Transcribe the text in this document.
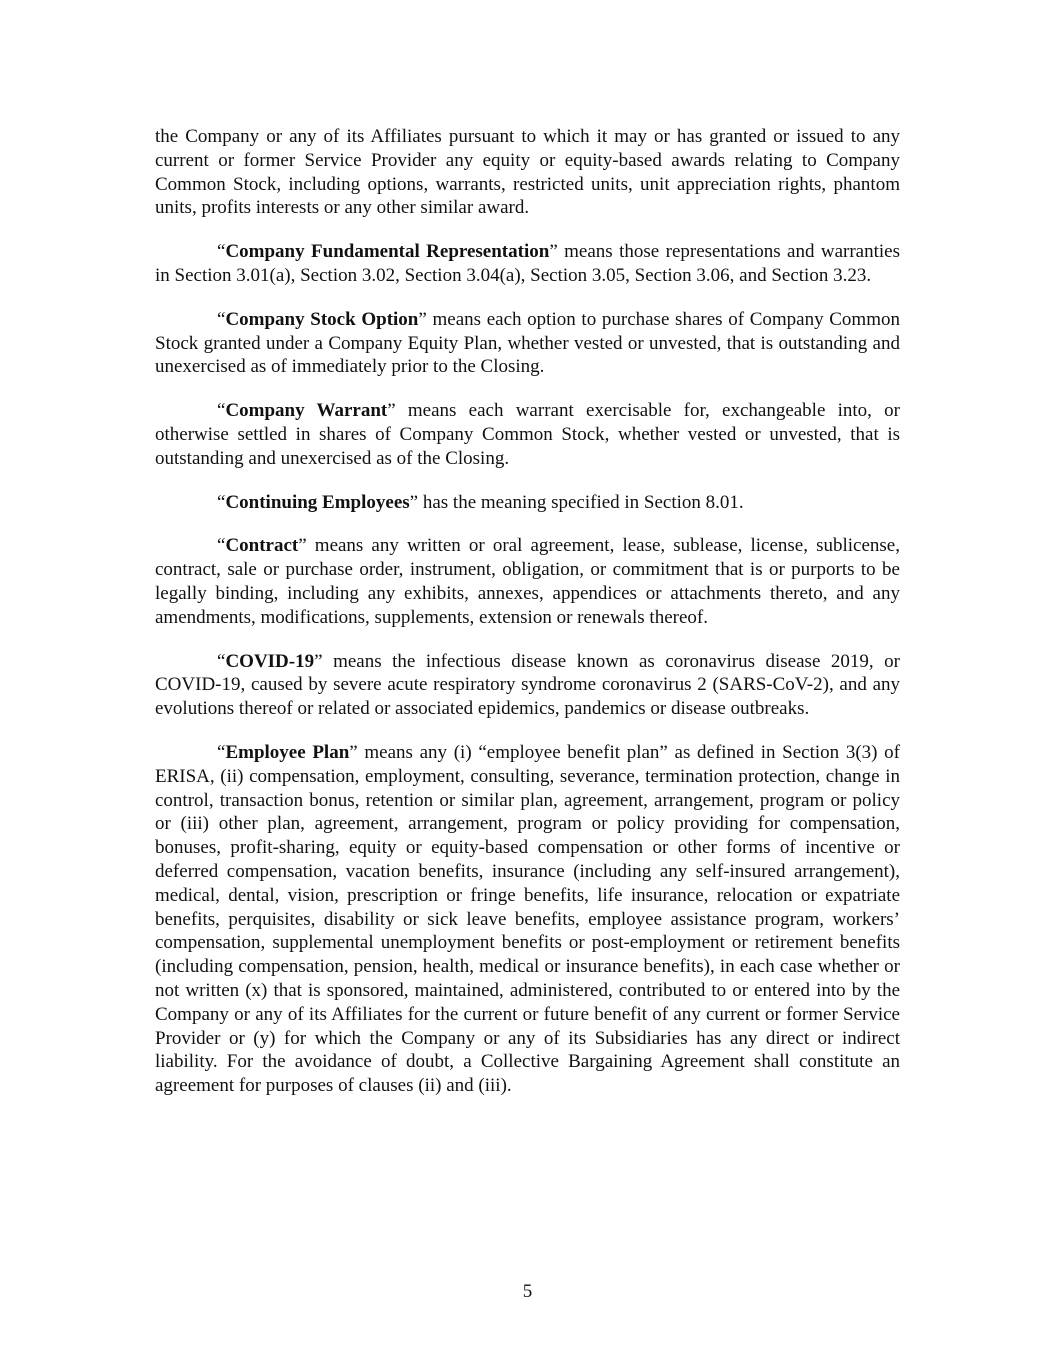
the Company or any of its Affiliates pursuant to which it may or has granted or issued to any current or former Service Provider any equity or equity-based awards relating to Company Common Stock, including options, warrants, restricted units, unit appreciation rights, phantom units, profits interests or any other similar award.

“Company Fundamental Representation” means those representations and warranties in Section 3.01(a), Section 3.02, Section 3.04(a), Section 3.05, Section 3.06, and Section 3.23.

“Company Stock Option” means each option to purchase shares of Company Common Stock granted under a Company Equity Plan, whether vested or unvested, that is outstanding and unexercised as of immediately prior to the Closing.

“Company Warrant” means each warrant exercisable for, exchangeable into, or otherwise settled in shares of Company Common Stock, whether vested or unvested, that is outstanding and unexercised as of the Closing.

“Continuing Employees” has the meaning specified in Section 8.01.

“Contract” means any written or oral agreement, lease, sublease, license, sublicense, contract, sale or purchase order, instrument, obligation, or commitment that is or purports to be legally binding, including any exhibits, annexes, appendices or attachments thereto, and any amendments, modifications, supplements, extension or renewals thereof.

“COVID-19” means the infectious disease known as coronavirus disease 2019, or COVID-19, caused by severe acute respiratory syndrome coronavirus 2 (SARS-CoV-2), and any evolutions thereof or related or associated epidemics, pandemics or disease outbreaks.

“Employee Plan” means any (i) “employee benefit plan” as defined in Section 3(3) of ERISA, (ii) compensation, employment, consulting, severance, termination protection, change in control, transaction bonus, retention or similar plan, agreement, arrangement, program or policy or (iii) other plan, agreement, arrangement, program or policy providing for compensation, bonuses, profit-sharing, equity or equity-based compensation or other forms of incentive or deferred compensation, vacation benefits, insurance (including any self-insured arrangement), medical, dental, vision, prescription or fringe benefits, life insurance, relocation or expatriate benefits, perquisites, disability or sick leave benefits, employee assistance program, workers’ compensation, supplemental unemployment benefits or post-employment or retirement benefits (including compensation, pension, health, medical or insurance benefits), in each case whether or not written (x) that is sponsored, maintained, administered, contributed to or entered into by the Company or any of its Affiliates for the current or future benefit of any current or former Service Provider or (y) for which the Company or any of its Subsidiaries has any direct or indirect liability. For the avoidance of doubt, a Collective Bargaining Agreement shall constitute an agreement for purposes of clauses (ii) and (iii).

5
